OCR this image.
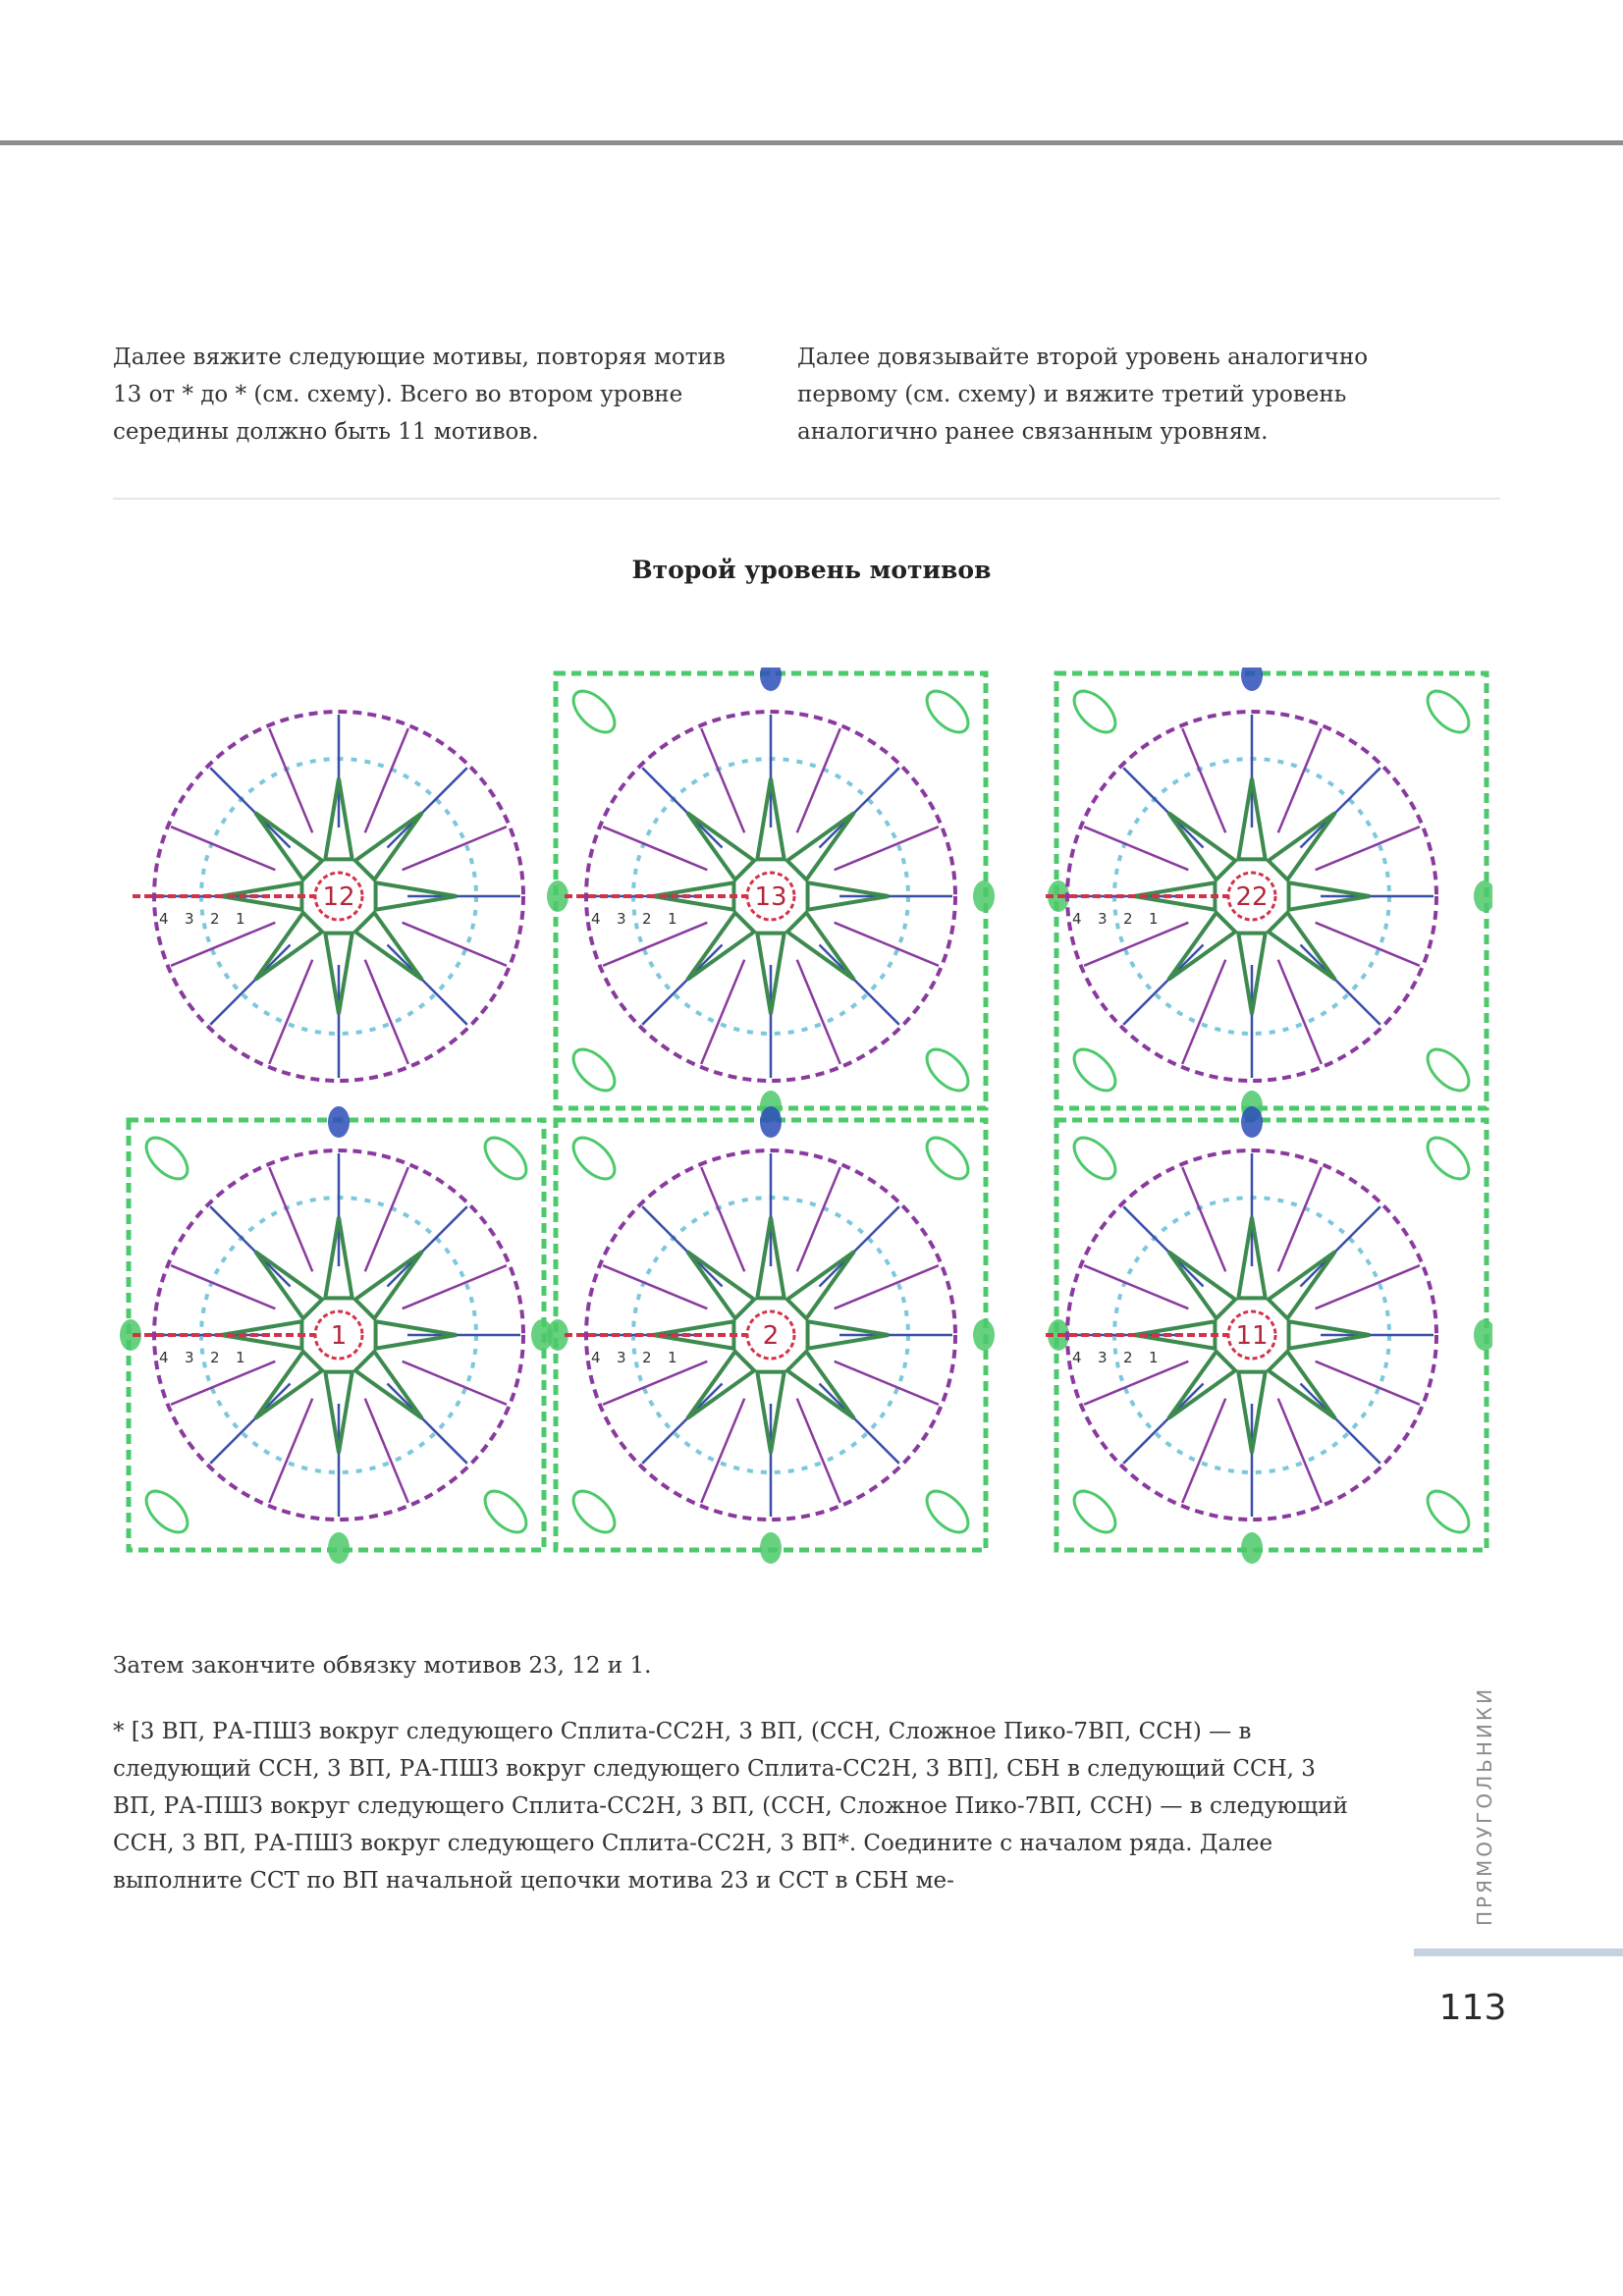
Далее вяжите следующие мотивы, повторяя мотив 13 от * до * (см. схему). Всего во втором уровне середины должно быть 11 мотивов.

Далее довязывайте второй уровень аналогично первому (см. схему) и вяжите третий уровень аналогично ранее связанным уровням.

Второй уровень мотивов
12
4 3 2 1
13
4 3 2 1
22
4 3 2 1
1
4 3 2 1
2
4 3 2 1
11
4 3 2 1
Затем закончите обвязку мотивов 23, 12 и 1.
* [3 ВП, РА-ПШЗ вокруг следующего Сплита-СС2Н, 3 ВП, (ССН, Сложное Пико-7ВП, ССН) — в следующий ССН, 3 ВП, РА-ПШЗ вокруг следующего Сплита-СС2Н, 3 ВП], СБН в следующий ССН, 3 ВП, РА-ПШЗ вокруг следующего Сплита-СС2Н, 3 ВП, (ССН, Сложное Пико-7ВП, ССН) — в следующий ССН, 3 ВП, РА-ПШЗ вокруг следующего Сплита-СС2Н, 3 ВП*. Соедините с началом ряда. Далее выполните ССТ по ВП начальной цепочки мотива 23 и ССТ в СБН ме-	ПРЯМОУГОЛЬНИКИ
113
